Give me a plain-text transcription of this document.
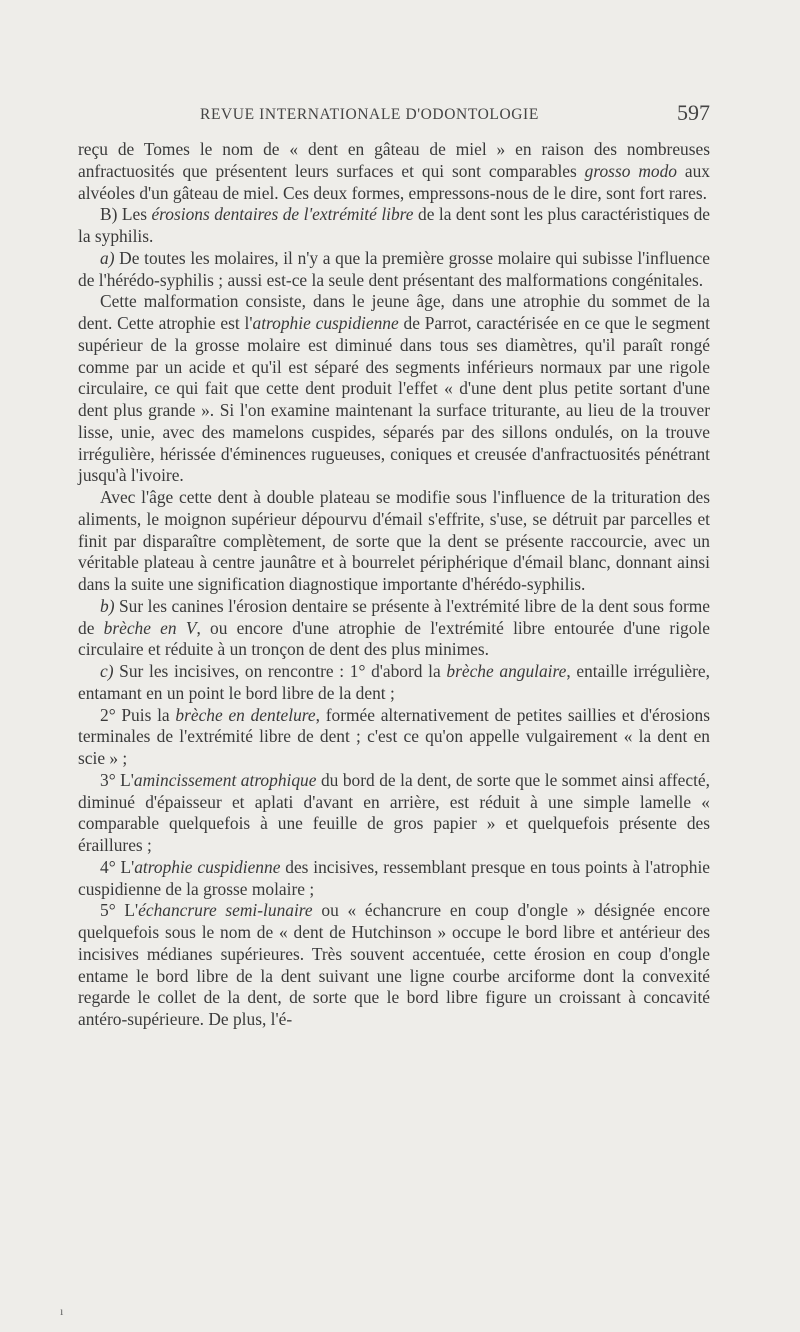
REVUE INTERNATIONALE D'ODONTOLOGIE	597

reçu de Tomes le nom de « dent en gâteau de miel » en raison des nombreuses anfractuosités que présentent leurs surfaces et qui sont comparables grosso modo aux alvéoles d'un gâteau de miel. Ces deux formes, empressons-nous de le dire, sont fort rares.

B) Les érosions dentaires de l'extrémité libre de la dent sont les plus caractéristiques de la syphilis.

a) De toutes les molaires, il n'y a que la première grosse molaire qui subisse l'influence de l'hérédo-syphilis ; aussi est-ce la seule dent présentant des malformations congénitales.

Cette malformation consiste, dans le jeune âge, dans une atrophie du sommet de la dent. Cette atrophie est l'atrophie cuspidienne de Parrot, caractérisée en ce que le segment supérieur de la grosse molaire est diminué dans tous ses diamètres, qu'il paraît rongé comme par un acide et qu'il est séparé des segments inférieurs normaux par une rigole circulaire, ce qui fait que cette dent produit l'effet « d'une dent plus petite sortant d'une dent plus grande ». Si l'on examine maintenant la surface triturante, au lieu de la trouver lisse, unie, avec des mamelons cuspides, séparés par des sillons ondulés, on la trouve irrégulière, hérissée d'éminences rugueuses, coniques et creusée d'anfractuosités pénétrant jusqu'à l'ivoire.

Avec l'âge cette dent à double plateau se modifie sous l'influence de la trituration des aliments, le moignon supérieur dépourvu d'émail s'effrite, s'use, se détruit par parcelles et finit par disparaître complètement, de sorte que la dent se présente raccourcie, avec un véritable plateau à centre jaunâtre et à bourrelet périphérique d'émail blanc, donnant ainsi dans la suite une signification diagnostique importante d'hérédo-syphilis.

b) Sur les canines l'érosion dentaire se présente à l'extrémité libre de la dent sous forme de brèche en V, ou encore d'une atrophie de l'extrémité libre entourée d'une rigole circulaire et réduite à un tronçon de dent des plus minimes.

c) Sur les incisives, on rencontre : 1° d'abord la brèche angulaire, entaille irrégulière, entamant en un point le bord libre de la dent ;

2° Puis la brèche en dentelure, formée alternativement de petites saillies et d'érosions terminales de l'extrémité libre de dent ; c'est ce qu'on appelle vulgairement « la dent en scie » ;

3° L'amincissement atrophique du bord de la dent, de sorte que le sommet ainsi affecté, diminué d'épaisseur et aplati d'avant en arrière, est réduit à une simple lamelle « comparable quelquefois à une feuille de gros papier » et quelquefois présente des éraillures ;

4° L'atrophie cuspidienne des incisives, ressemblant presque en tous points à l'atrophie cuspidienne de la grosse molaire ;

5° L'échancrure semi-lunaire ou « échancrure en coup d'ongle » désignée encore quelquefois sous le nom de « dent de Hutchinson » occupe le bord libre et antérieur des incisives médianes supérieures. Très souvent accentuée, cette érosion en coup d'ongle entame le bord libre de la dent suivant une ligne courbe arciforme dont la convexité regarde le collet de la dent, de sorte que le bord libre figure un croissant à concavité antéro-supérieure. De plus, l'é-

ı
